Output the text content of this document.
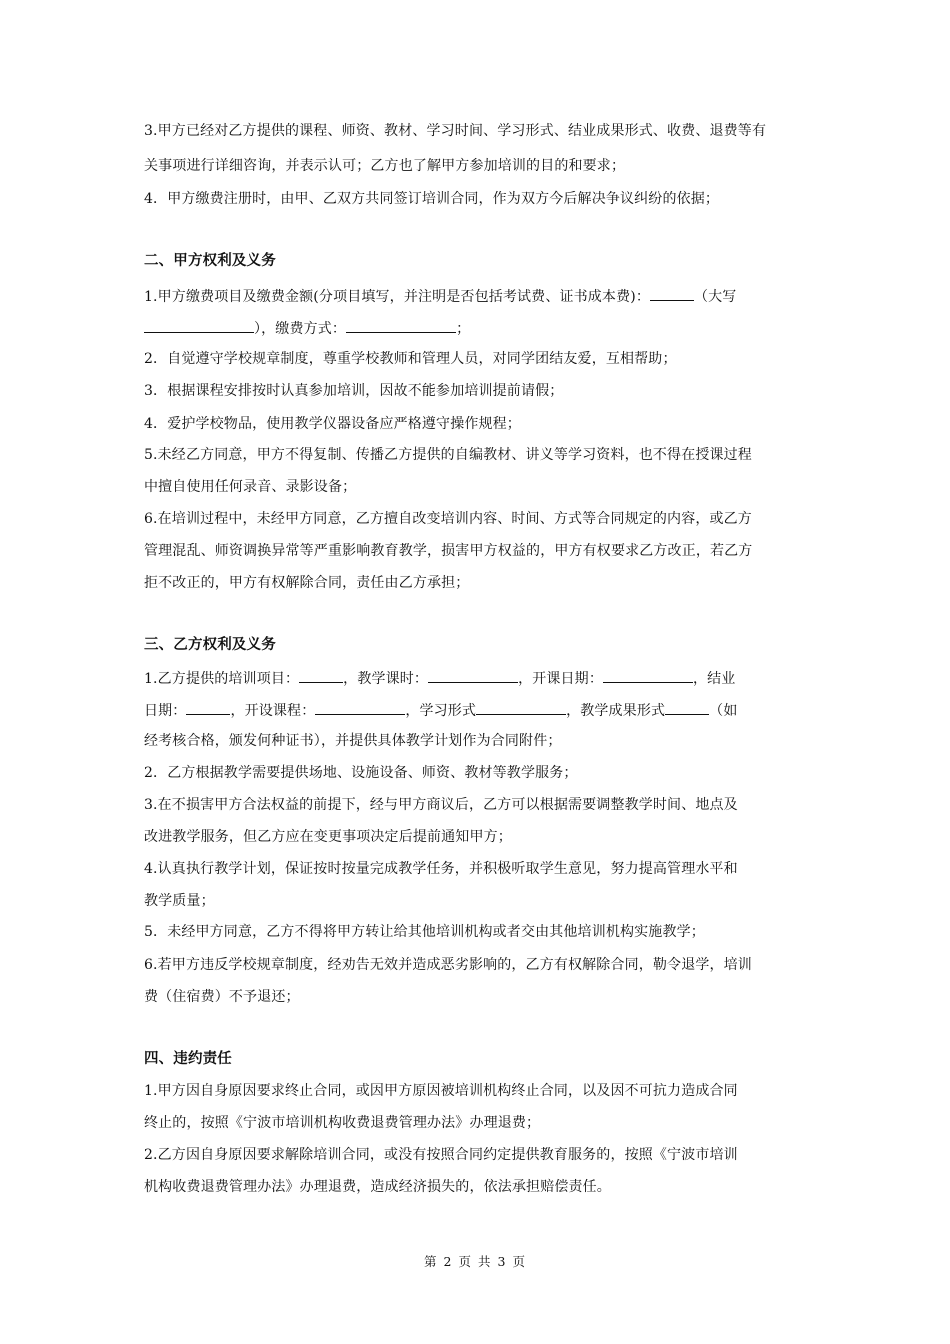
3.甲方已经对乙方提供的课程、师资、教材、学习时间、学习形式、结业成果形式、收费、退费等有
关事项进行详细咨询，并表示认可；乙方也了解甲方参加培训的目的和要求；
4．甲方缴费注册时，由甲、乙双方共同签订培训合同，作为双方今后解决争议纠纷的依据；
二、甲方权利及义务
1.甲方缴费项目及缴费金额(分项目填写，并注明是否包括考试费、证书成本费)：	（大写
），缴费方式：	；
2．自觉遵守学校规章制度，尊重学校教师和管理人员，对同学团结友爱，互相帮助；
3．根据课程安排按时认真参加培训，因故不能参加培训提前请假；
4．爱护学校物品，使用教学仪器设备应严格遵守操作规程；
5.未经乙方同意，甲方不得复制、传播乙方提供的自编教材、讲义等学习资料，也不得在授课过程
中擅自使用任何录音、录影设备；
6.在培训过程中，未经甲方同意，乙方擅自改变培训内容、时间、方式等合同规定的内容，或乙方
管理混乱、师资调换异常等严重影响教育教学，损害甲方权益的，甲方有权要求乙方改正，若乙方
拒不改正的，甲方有权解除合同，责任由乙方承担；
三、乙方权利及义务
1.乙方提供的培训项目：	，教学课时：	，开课日期：	，结业
日期：	，开设课程：	，学习形式	，教学成果形式	（如
经考核合格，颁发何种证书），并提供具体教学计划作为合同附件；
2．乙方根据教学需要提供场地、设施设备、师资、教材等教学服务；
3.在不损害甲方合法权益的前提下，经与甲方商议后，乙方可以根据需要调整教学时间、地点及
改进教学服务，但乙方应在变更事项决定后提前通知甲方；
4.认真执行教学计划，保证按时按量完成教学任务，并积极听取学生意见，努力提高管理水平和
教学质量；
5．未经甲方同意，乙方不得将甲方转让给其他培训机构或者交由其他培训机构实施教学；
6.若甲方违反学校规章制度，经劝告无效并造成恶劣影响的，乙方有权解除合同，勒令退学，培训
费（住宿费）不予退还；
四、违约责任
1.甲方因自身原因要求终止合同，或因甲方原因被培训机构终止合同，以及因不可抗力造成合同
终止的，按照《宁波市培训机构收费退费管理办法》办理退费；
2.乙方因自身原因要求解除培训合同，或没有按照合同约定提供教育服务的，按照《宁波市培训
机构收费退费管理办法》办理退费，造成经济损失的，依法承担赔偿责任。
第 2 页 共 3 页
